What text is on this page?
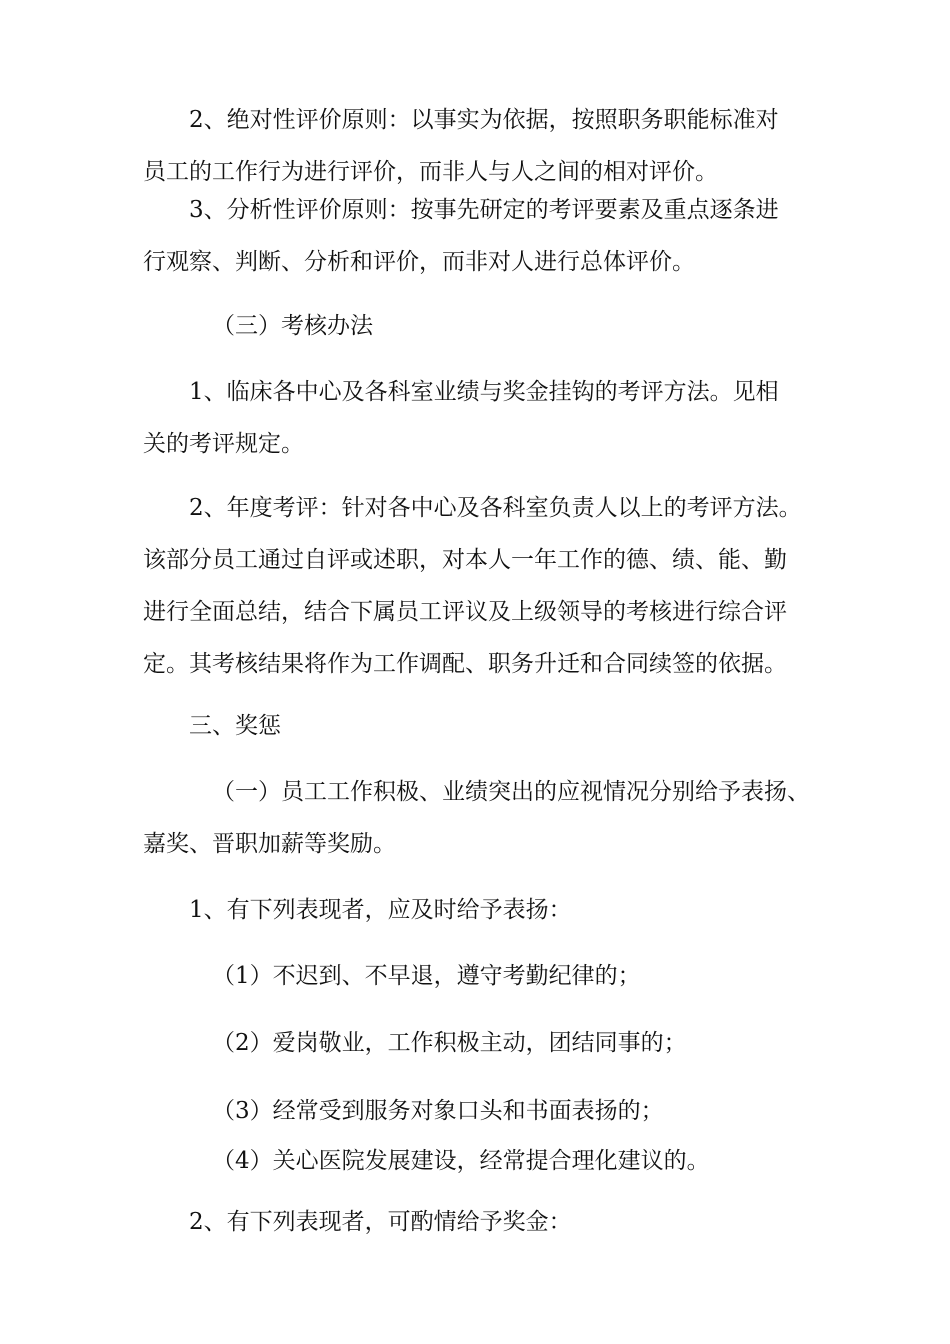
2、绝对性评价原则：以事实为依据，按照职务职能标准对
员工的工作行为进行评价，而非人与人之间的相对评价。

3、分析性评价原则：按事先研定的考评要素及重点逐条进
行观察、判断、分析和评价，而非对人进行总体评价。

（三）考核办法

1、临床各中心及各科室业绩与奖金挂钩的考评方法。见相
关的考评规定。

2、年度考评：针对各中心及各科室负责人以上的考评方法。
该部分员工通过自评或述职，对本人一年工作的德、绩、能、勤
进行全面总结，结合下属员工评议及上级领导的考核进行综合评
定。其考核结果将作为工作调配、职务升迁和合同续签的依据。

三、奖惩

（一）员工工作积极、业绩突出的应视情况分别给予表扬、
嘉奖、晋职加薪等奖励。

1、有下列表现者，应及时给予表扬：

（1）不迟到、不早退，遵守考勤纪律的；

（2）爱岗敬业，工作积极主动，团结同事的；

（3）经常受到服务对象口头和书面表扬的；

（4）关心医院发展建设，经常提合理化建议的。

2、有下列表现者，可酌情给予奖金：
